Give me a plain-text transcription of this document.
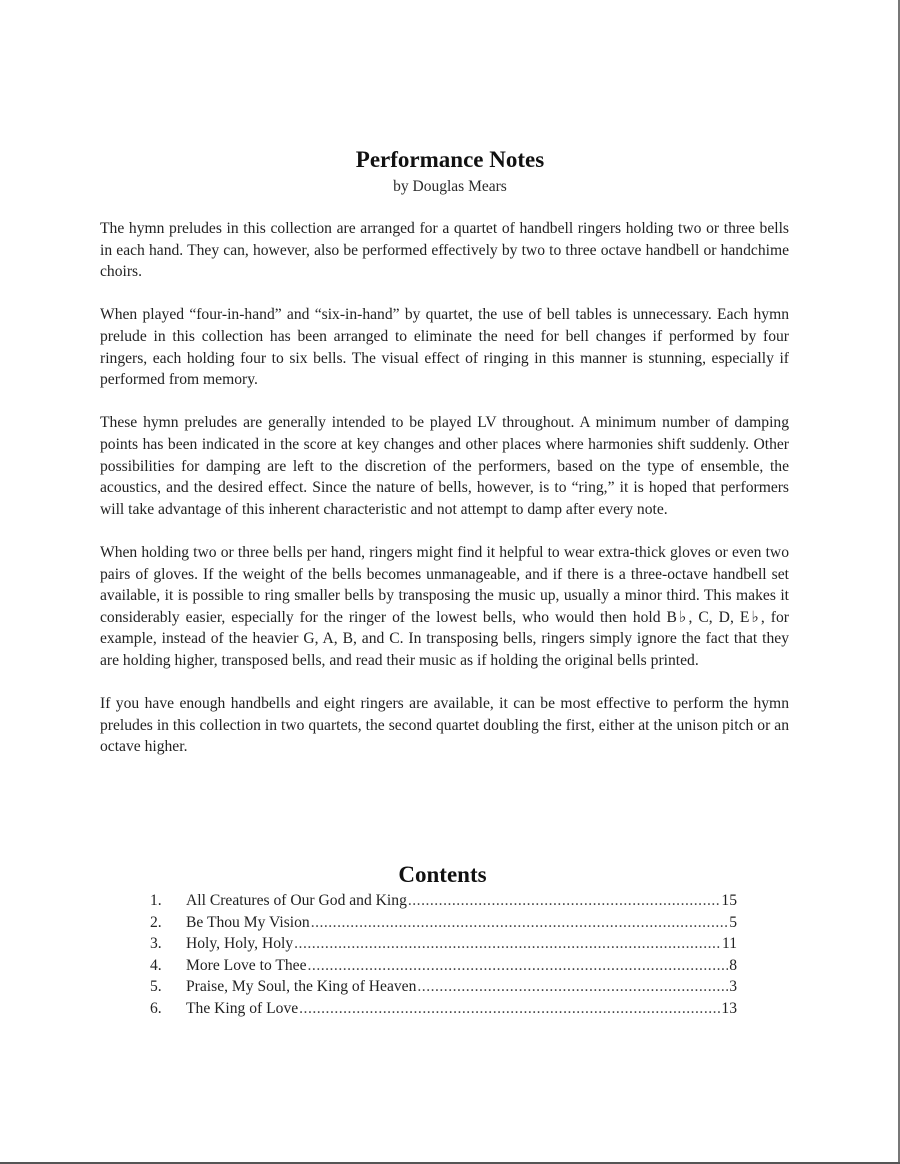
Performance Notes
by Douglas Mears

The hymn preludes in this collection are arranged for a quartet of handbell ringers holding two or three bells in each hand. They can, however, also be performed effectively by two to three octave handbell or handchime choirs.

When played “four-in-hand” and “six-in-hand” by quartet, the use of bell tables is unnecessary. Each hymn prelude in this collection has been arranged to eliminate the need for bell changes if performed by four ringers, each holding four to six bells. The visual effect of ringing in this manner is stunning, especially if performed from memory.

These hymn preludes are generally intended to be played LV throughout. A minimum number of damping points has been indicated in the score at key changes and other places where harmonies shift suddenly. Other possibilities for damping are left to the discretion of the performers, based on the type of ensemble, the acoustics, and the desired effect. Since the nature of bells, however, is to “ring,” it is hoped that performers will take advantage of this inherent characteristic and not attempt to damp after every note.

When holding two or three bells per hand, ringers might find it helpful to wear extra-thick gloves or even two pairs of gloves. If the weight of the bells becomes unmanageable, and if there is a three-octave handbell set available, it is possible to ring smaller bells by transposing the music up, usually a minor third. This makes it considerably easier, especially for the ringer of the lowest bells, who would then hold B♭, C, D, E♭, for example, instead of the heavier G, A, B, and C. In transposing bells, ringers simply ignore the fact that they are holding higher, transposed bells, and read their music as if holding the original bells printed.

If you have enough handbells and eight ringers are available, it can be most effective to perform the hymn preludes in this collection in two quartets, the second quartet doubling the first, either at the unison pitch or an octave higher.

Contents
1.	All Creatures of Our God and King .....	15
2.	Be Thou My Vision .....	5
3.	Holy, Holy, Holy .....	11
4.	More Love to Thee .....	8
5.	Praise, My Soul, the King of Heaven .....	3
6.	The King of Love .....	13
